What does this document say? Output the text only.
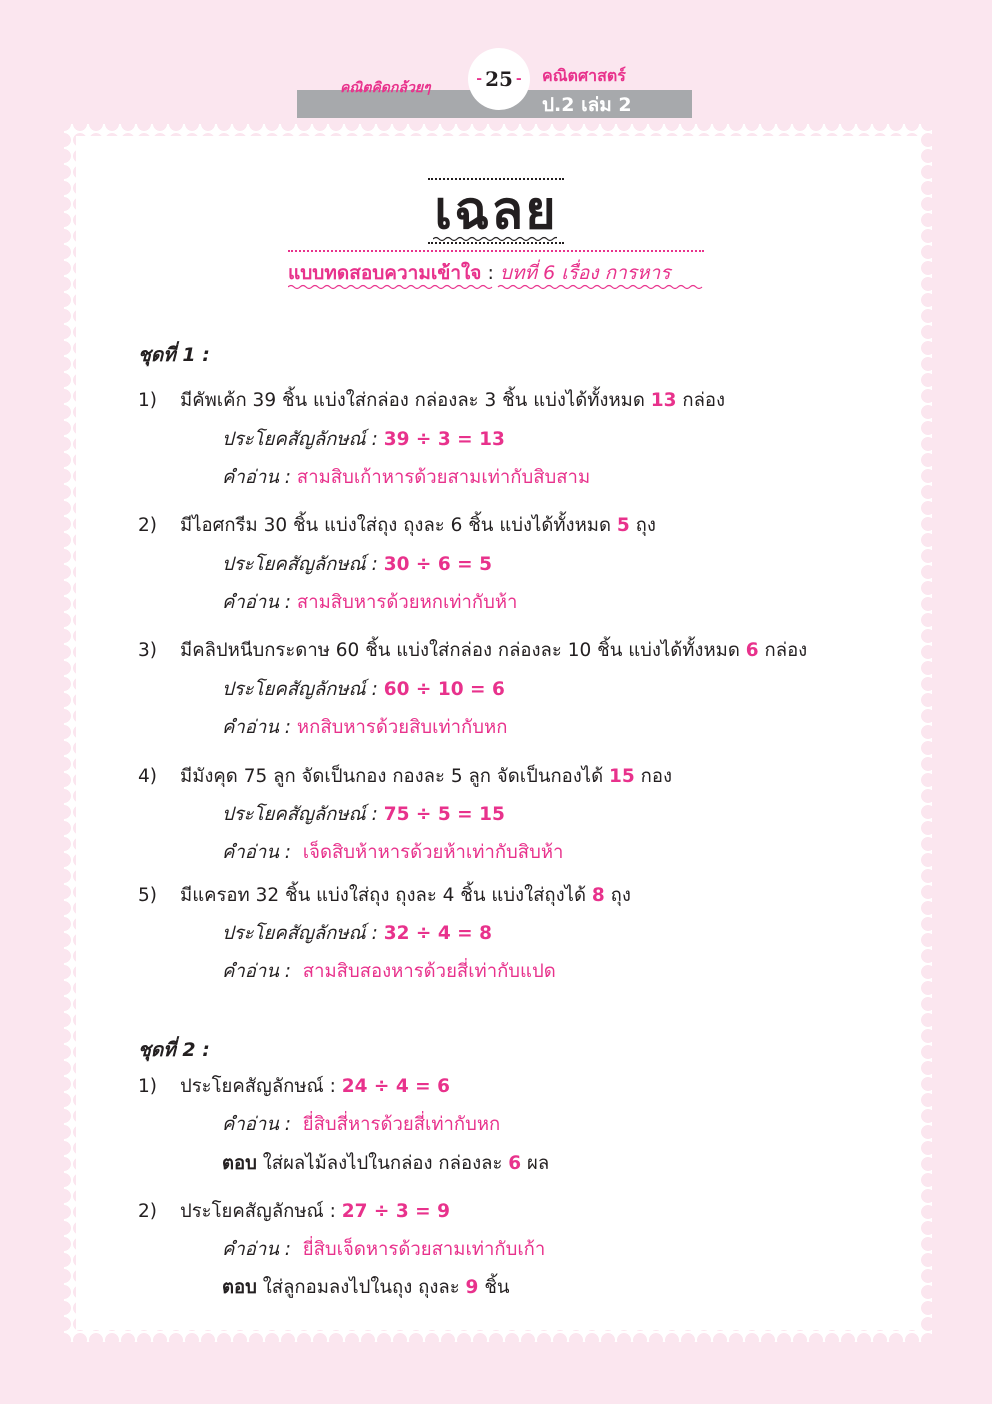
คณิตคิดกล้วยๆ
- 25 - คณิตศาสตร์
ป.2 เล่ม 2
เฉลย
แบบทดสอบความเข้าใจ : บทที่ 6 เรื่อง การหาร
ชุดที่ 1 :
1) มีคัพเค้ก 39 ชิ้น แบ่งใส่กล่อง กล่องละ 3 ชิ้น แบ่งได้ทั้งหมด 13 กล่อง
ประโยคสัญลักษณ์ : 39 ÷ 3 = 13
คำอ่าน : สามสิบเก้าหารด้วยสามเท่ากับสิบสาม
2) มีไอศกรีม 30 ชิ้น แบ่งใส่ถุง ถุงละ 6 ชิ้น แบ่งได้ทั้งหมด 5 ถุง
ประโยคสัญลักษณ์ : 30 ÷ 6 = 5
คำอ่าน : สามสิบหารด้วยหกเท่ากับห้า
3) มีคลิปหนีบกระดาษ 60 ชิ้น แบ่งใส่กล่อง กล่องละ 10 ชิ้น แบ่งได้ทั้งหมด 6 กล่อง
ประโยคสัญลักษณ์ : 60 ÷ 10 = 6
คำอ่าน : หกสิบหารด้วยสิบเท่ากับหก
4) มีมังคุด 75 ลูก จัดเป็นกอง กองละ 5 ลูก จัดเป็นกองได้ 15 กอง
ประโยคสัญลักษณ์ : 75 ÷ 5 = 15
คำอ่าน : เจ็ดสิบห้าหารด้วยห้าเท่ากับสิบห้า
5) มีแครอท 32 ชิ้น แบ่งใส่ถุง ถุงละ 4 ชิ้น แบ่งใส่ถุงได้ 8 ถุง
ประโยคสัญลักษณ์ : 32 ÷ 4 = 8
คำอ่าน : สามสิบสองหารด้วยสี่เท่ากับแปด
ชุดที่ 2 :
1) ประโยคสัญลักษณ์ : 24 ÷ 4 = 6
คำอ่าน : ยี่สิบสี่หารด้วยสี่เท่ากับหก
ตอบ ใส่ผลไม้ลงไปในกล่อง กล่องละ 6 ผล
2) ประโยคสัญลักษณ์ : 27 ÷ 3 = 9
คำอ่าน : ยี่สิบเจ็ดหารด้วยสามเท่ากับเก้า
ตอบ ใส่ลูกอมลงไปในถุง ถุงละ 9 ชิ้น
